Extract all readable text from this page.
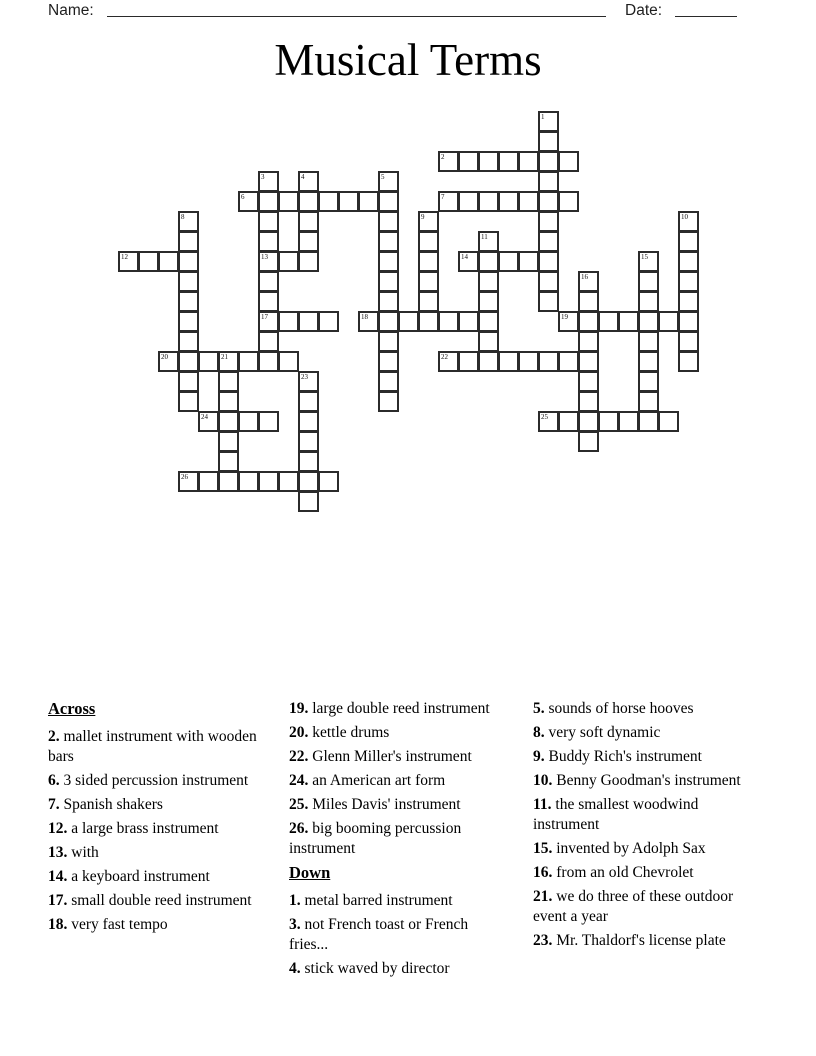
Name:	Date:
Musical Terms
1
2
3	4	5
6	7
8	9	10
11
12	13	14	15
16
17	18	19
20	21	22
23
24	25
26
Across
2. mallet instrument with wooden bars
6. 3 sided percussion instrument
7. Spanish shakers
12. a large brass instrument
13. with
14. a keyboard instrument
17. small double reed instrument
18. very fast tempo
19. large double reed instrument
20. kettle drums
22. Glenn Miller's instrument
24. an American art form
25. Miles Davis' instrument
26. big booming percussion instrument
Down
1. metal barred instrument
3. not French toast or French fries...
4. stick waved by director
5. sounds of horse hooves
8. very soft dynamic
9. Buddy Rich's instrument
10. Benny Goodman's instrument
11. the smallest woodwind instrument
15. invented by Adolph Sax
16. from an old Chevrolet
21. we do three of these outdoor event a year
23. Mr. Thaldorf's license plate
